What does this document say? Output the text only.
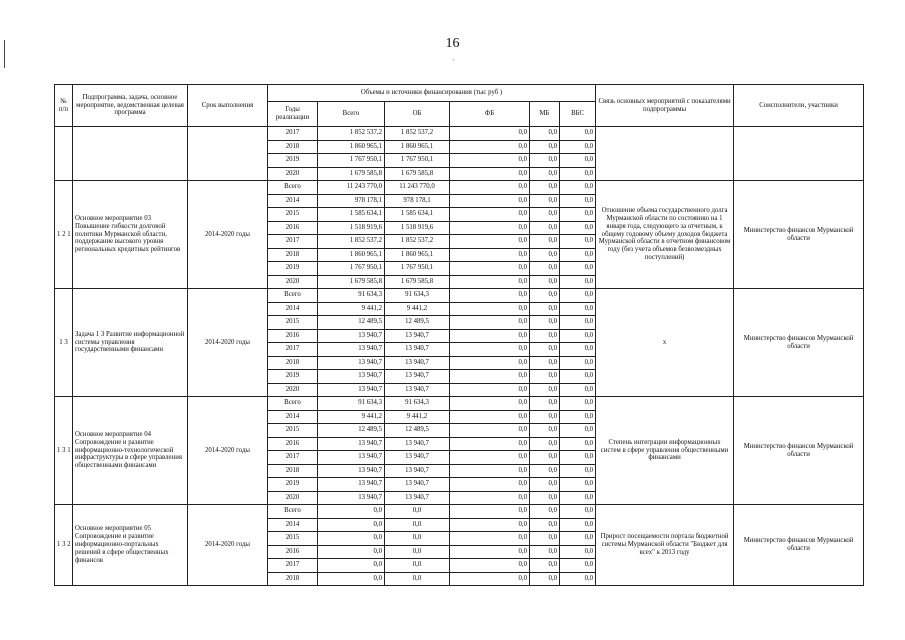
16
`
№ п/п	Подпрограмма, задача, основное мероприятие, ведомственная целевая программа	Срок выполнения	Объемы и источники финансирования (тыс руб )						Связь основных мероприятий с показателями подпрограммы	Соисполнители, участники
			Годы реализации	Всего	ОБ	ФБ	МБ	ВБС		
			2017	1 852 537,2	1 852 537,2	0,0	0,0	0,0		
			2018	1 860 965,1	1 860 965,1	0,0	0,0	0,0		
			2019	1 767 950,1	1 767 950,1	0,0	0,0	0,0		
			2020	1 679 585,8	1 679 585,8	0,0	0,0	0,0		
1 2 1	Основное мероприятие 03 Повышение гибкости долговой политики Мурманской области, поддержание высокого уровня региональных кредитных рейтингов	2014-2020 годы	Всего	11 243 770,0	11 243 770,0	0,0	0,0	0,0	Отношение объема государственного долга Мурманской области по состоянию на 1 января года, следующего за отчетным, к общему годовому объему доходов бюджета Мурманской области в отчетном финансовом году (без учета объемов безвозмездных поступлений)	Министерство финансов Мурманской области
			2014	978 178,1	978 178,1	0,0	0,0	0,0		
			2015	1 585 634,1	1 585 634,1	0,0	0,0	0,0		
			2016	1 518 919,6	1 518 919,6	0,0	0,0	0,0		
			2017	1 852 537,2	1 852 537,2	0,0	0,0	0,0		
			2018	1 860 965,1	1 860 965,1	0,0	0,0	0,0		
			2019	1 767 950,1	1 767 950,1	0,0	0,0	0,0		
			2020	1 679 585,8	1 679 585,8	0,0	0,0	0,0		
1 3	Задача 1 3 Развитие информационной системы управления государственными финансами	2014-2020 годы	Всего	91 634,3	91 634,3	0,0	0,0	0,0	х	Министерство финансов Мурманской области
			2014	9 441,2	9 441,2	0,0	0,0	0,0		
			2015	12 489,5	12 489,5	0,0	0,0	0,0		
			2016	13 940,7	13 940,7	0,0	0,0	0,0		
			2017	13 940,7	13 940,7	0,0	0,0	0,0		
			2018	13 940,7	13 940,7	0,0	0,0	0,0		
			2019	13 940,7	13 940,7	0,0	0,0	0,0		
			2020	13 940,7	13 940,7	0,0	0,0	0,0		
1 3 1	Основное мероприятие 04 Сопровождение и развитие информационно-технологической инфраструктуры в сфере управления общественными финансами	2014-2020 годы	Всего	91 634,3	91 634,3	0,0	0,0	0,0	Степень интеграции информационных систем в сфере управления общественными финансами	Министерство финансов Мурманской области
			2014	9 441,2	9 441,2	0,0	0,0	0,0		
			2015	12 489,5	12 489,5	0,0	0,0	0,0		
			2016	13 940,7	13 940,7	0,0	0,0	0,0		
			2017	13 940,7	13 940,7	0,0	0,0	0,0		
			2018	13 940,7	13 940,7	0,0	0,0	0,0		
			2019	13 940,7	13 940,7	0,0	0,0	0,0		
			2020	13 940,7	13 940,7	0,0	0,0	0,0		
1 3 2	Основное мероприятие 05 Сопровождение и развитие информационно-портальных решений в сфере общественных финансов	2014-2020 годы	Всего	0,0	0,0	0,0	0,0	0,0	Прирост посещаемости портала бюджетной системы Мурманской области "Бюджет для всех" к 2013 году	Министерство финансов Мурманской области
			2014	0,0	0,0	0,0	0,0	0,0		
			2015	0,0	0,0	0,0	0,0	0,0		
			2016	0,0	0,0	0,0	0,0	0,0		
			2017	0,0	0,0	0,0	0,0	0,0		
			2018	0,0	0,0	0,0	0,0	0,0		
